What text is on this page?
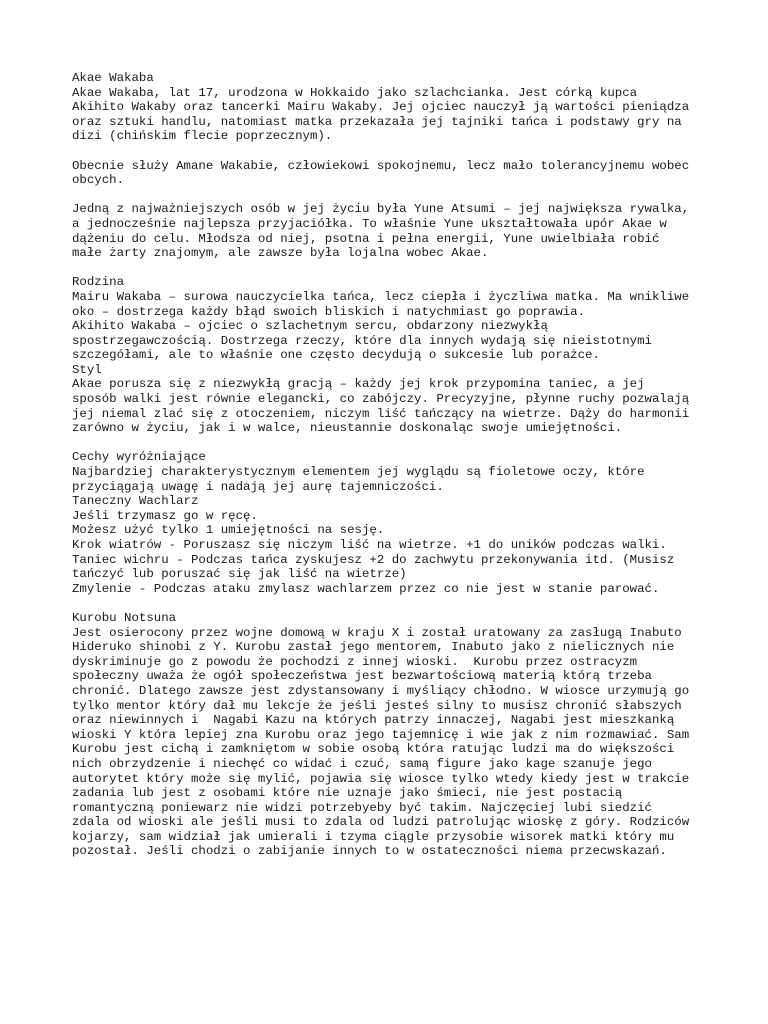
Akae Wakaba
Akae Wakaba, lat 17, urodzona w Hokkaido jako szlachcianka. Jest córką kupca
Akihito Wakaby oraz tancerki Mairu Wakaby. Jej ojciec nauczył ją wartości pieniądza
oraz sztuki handlu, natomiast matka przekazała jej tajniki tańca i podstawy gry na
dizi (chińskim flecie poprzecznym).
Obecnie służy Amane Wakabie, człowiekowi spokojnemu, lecz mało tolerancyjnemu wobec
obcych.
Jedną z najważniejszych osób w jej życiu była Yune Atsumi – jej największa rywalka,
a jednocześnie najlepsza przyjaciółka. To właśnie Yune ukształtowała upór Akae w
dążeniu do celu. Młodsza od niej, psotna i pełna energii, Yune uwielbiała robić
małe żarty znajomym, ale zawsze była lojalna wobec Akae.
Rodzina
Mairu Wakaba – surowa nauczycielka tańca, lecz ciepła i życzliwa matka. Ma wnikliwe
oko – dostrzega każdy błąd swoich bliskich i natychmiast go poprawia.
Akihito Wakaba – ojciec o szlachetnym sercu, obdarzony niezwykłą
spostrzegawczością. Dostrzega rzeczy, które dla innych wydają się nieistotnymi
szczegółami, ale to właśnie one często decydują o sukcesie lub porażce.
Styl
Akae porusza się z niezwykłą gracją – każdy jej krok przypomina taniec, a jej
sposób walki jest równie elegancki, co zabójczy. Precyzyjne, płynne ruchy pozwalają
jej niemal zlać się z otoczeniem, niczym liść tańczący na wietrze. Dąży do harmonii
zarówno w życiu, jak i w walce, nieustannie doskonaląc swoje umiejętności.
Cechy wyróżniające
Najbardziej charakterystycznym elementem jej wyglądu są fioletowe oczy, które
przyciągają uwagę i nadają jej aurę tajemniczości.
Taneczny Wachlarz
Jeśli trzymasz go w ręcę.
Możesz użyć tylko 1 umiejętności na sesję.
Krok wiatrów - Poruszasz się niczym liść na wietrze. +1 do uników podczas walki.
Taniec wichru - Podczas tańca zyskujesz +2 do zachwytu przekonywania itd. (Musisz
tańczyć lub poruszać się jak liść na wietrze)
Zmylenie - Podczas ataku zmylasz wachlarzem przez co nie jest w stanie parować.
Kurobu Notsuna
Jest osierocony przez wojne domową w kraju X i został uratowany za zasługą Inabuto
Hideruko shinobi z Y. Kurobu zastał jego mentorem, Inabuto jako z nielicznych nie
dyskriminuje go z powodu że pochodzi z innej wioski.  Kurobu przez ostracyzm
społeczny uważa że ogół społeczeństwa jest bezwartościową materią którą trzeba
chronić. Dlatego zawsze jest zdystansowany i myśliący chłodno. W wiosce urzymują go
tylko mentor który dał mu lekcje że jeśli jesteś silny to musisz chronić słabszych
oraz niewinnych i  Nagabi Kazu na których patrzy innaczej, Nagabi jest mieszkanką
wioski Y która lepiej zna Kurobu oraz jego tajemnicę i wie jak z nim rozmawiać. Sam
Kurobu jest cichą i zamkniętom w sobie osobą która ratując ludzi ma do większości
nich obrzydzenie i niechęć co widać i czuć, samą figure jako kage szanuje jego
autorytet który może się mylić, pojawia się wiosce tylko wtedy kiedy jest w trakcie
zadania lub jest z osobami które nie uznaje jako śmieci, nie jest postacią
romantyczną poniewarz nie widzi potrzebyeby być takim. Najczęciej lubi siedzić
zdala od wioski ale jeśli musi to zdala od ludzi patrolując wioskę z góry. Rodziców
kojarzy, sam widział jak umierali i tzyma ciągle przysobie wisorek matki który mu
pozostał. Jeśli chodzi o zabijanie innych to w ostateczności niema przecwskazań.
